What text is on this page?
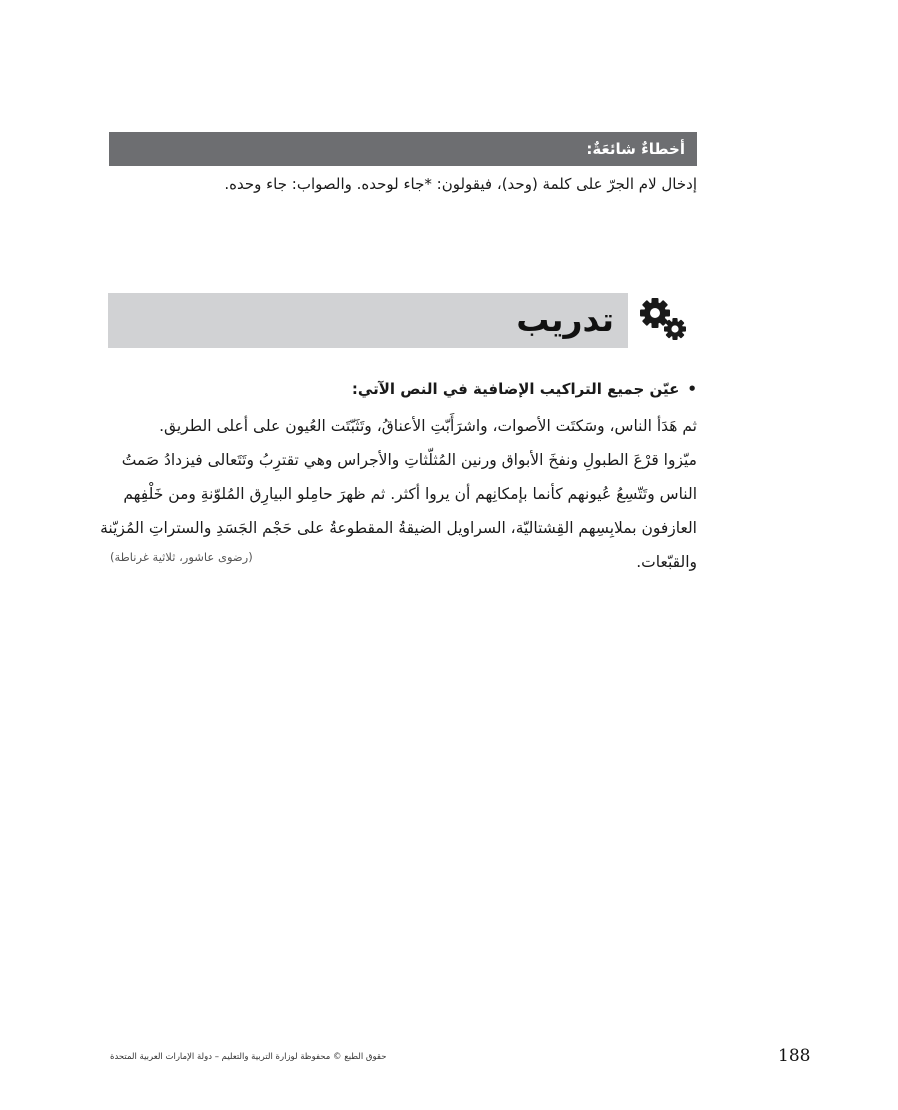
أخطاءٌ شائعَةٌ:
إدخال لام الجرّ على كلمة (وحد)، فيقولون: *جاء لوحده. والصواب: جاء وحده.
تدريب
•عيّن جميع التراكيب الإضافية في النص الآتي:
ثم هَدَأ الناس، وسَكتَت الأصوات، واشرَأَبّتِ الأعناقُ، وتَثَبّتَت العُيون على أعلى الطريق.
ميّزوا قرْعَ الطبولِ ونفخَ الأبواق ورنين المُثلّثاتِ والأجراس وهي تقترِبُ وتَتَعالى فيزدادُ صَمتُ
الناس وتَتّسِعُ عُيونهم كأنما بإمكانِهم أن يروا أكثر. ثم ظهرَ حامِلو البيارِق المُلوّنةِ ومن خَلْفِهم
العازفون بملابِسِهم القِشتاليّة، السراويل الضيقةُ المقطوعةُ على حَجْم الجَسَدِ والستراتِ المُزيّنة
والقبّعات.
(رضوى عاشور، ثلاثية غرناطة)
حقوق الطبع © محفوظة لوزارة التربية والتعليم – دولة الإمارات العربية المتحدة	188
